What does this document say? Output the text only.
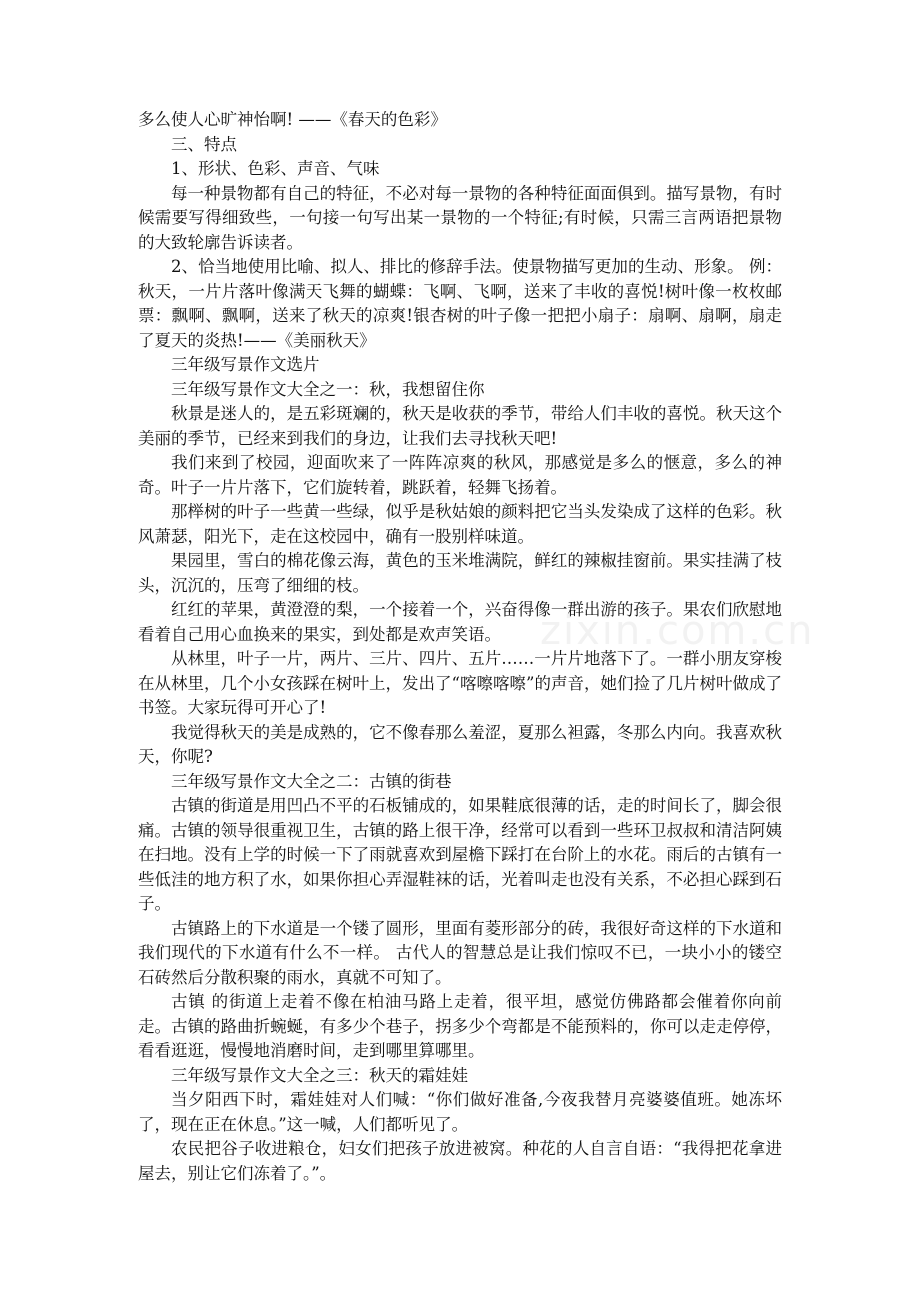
多么使人心旷神怡啊! ——《春天的色彩》

三、特点

1、形状、色彩、声音、气味

每一种景物都有自己的特征，不必对每一景物的各种特征面面俱到。描写景物，有时候需要写得细致些，一句接一句写出某一景物的一个特征;有时候，只需三言两语把景物的大致轮廓告诉读者。

2、恰当地使用比喻、拟人、排比的修辞手法。使景物描写更加的生动、形象。 例：秋天，一片片落叶像满天飞舞的蝴蝶：飞啊、飞啊，送来了丰收的喜悦!树叶像一枚枚邮票：飘啊、飘啊，送来了秋天的凉爽!银杏树的叶子像一把把小扇子：扇啊、扇啊，扇走了夏天的炎热!——《美丽秋天》

三年级写景作文选片

三年级写景作文大全之一：秋，我想留住你

秋景是迷人的，是五彩斑斓的，秋天是收获的季节，带给人们丰收的喜悦。秋天这个美丽的季节，已经来到我们的身边，让我们去寻找秋天吧!

我们来到了校园，迎面吹来了一阵阵凉爽的秋风，那感觉是多么的惬意，多么的神奇。叶子一片片落下，它们旋转着，跳跃着，轻舞飞扬着。

那榉树的叶子一些黄一些绿，似乎是秋姑娘的颜料把它当头发染成了这样的色彩。秋风萧瑟，阳光下，走在这校园中，确有一股别样味道。

果园里，雪白的棉花像云海，黄色的玉米堆满院，鲜红的辣椒挂窗前。果实挂满了枝头，沉沉的，压弯了细细的枝。

红红的苹果，黄澄澄的梨，一个接着一个，兴奋得像一群出游的孩子。果农们欣慰地看着自己用心血换来的果实，到处都是欢声笑语。

从林里，叶子一片，两片、三片、四片、五片……一片片地落下了。一群小朋友穿梭在从林里，几个小女孩踩在树叶上，发出了“喀嚓喀嚓”的声音，她们捡了几片树叶做成了书签。大家玩得可开心了!

我觉得秋天的美是成熟的，它不像春那么羞涩，夏那么袒露，冬那么内向。我喜欢秋天，你呢?

三年级写景作文大全之二：古镇的街巷

古镇的街道是用凹凸不平的石板铺成的，如果鞋底很薄的话，走的时间长了，脚会很痛。古镇的领导很重视卫生，古镇的路上很干净，经常可以看到一些环卫叔叔和清洁阿姨在扫地。没有上学的时候一下了雨就喜欢到屋檐下踩打在台阶上的水花。雨后的古镇有一些低洼的地方积了水，如果你担心弄湿鞋袜的话，光着叫走也没有关系，不必担心踩到石子。

古镇路上的下水道是一个镂了圆形，里面有菱形部分的砖，我很好奇这样的下水道和我们现代的下水道有什么不一样。 古代人的智慧总是让我们惊叹不已，一块小小的镂空石砖然后分散积聚的雨水，真就不可知了。

古镇 的街道上走着不像在柏油马路上走着，很平坦，感觉仿佛路都会催着你向前走。古镇的路曲折蜿蜒，有多少个巷子，拐多少个弯都是不能预料的，你可以走走停停，看看逛逛，慢慢地消磨时间，走到哪里算哪里。

三年级写景作文大全之三：秋天的霜娃娃

当夕阳西下时，霜娃娃对人们喊：“你们做好准备,今夜我替月亮婆婆值班。她冻坏了，现在正在休息。”这一喊，人们都听见了。

农民把谷子收进粮仓，妇女们把孩子放进被窝。种花的人自言自语：“我得把花拿进屋去，别让它们冻着了。”。

zixin.com.cn
